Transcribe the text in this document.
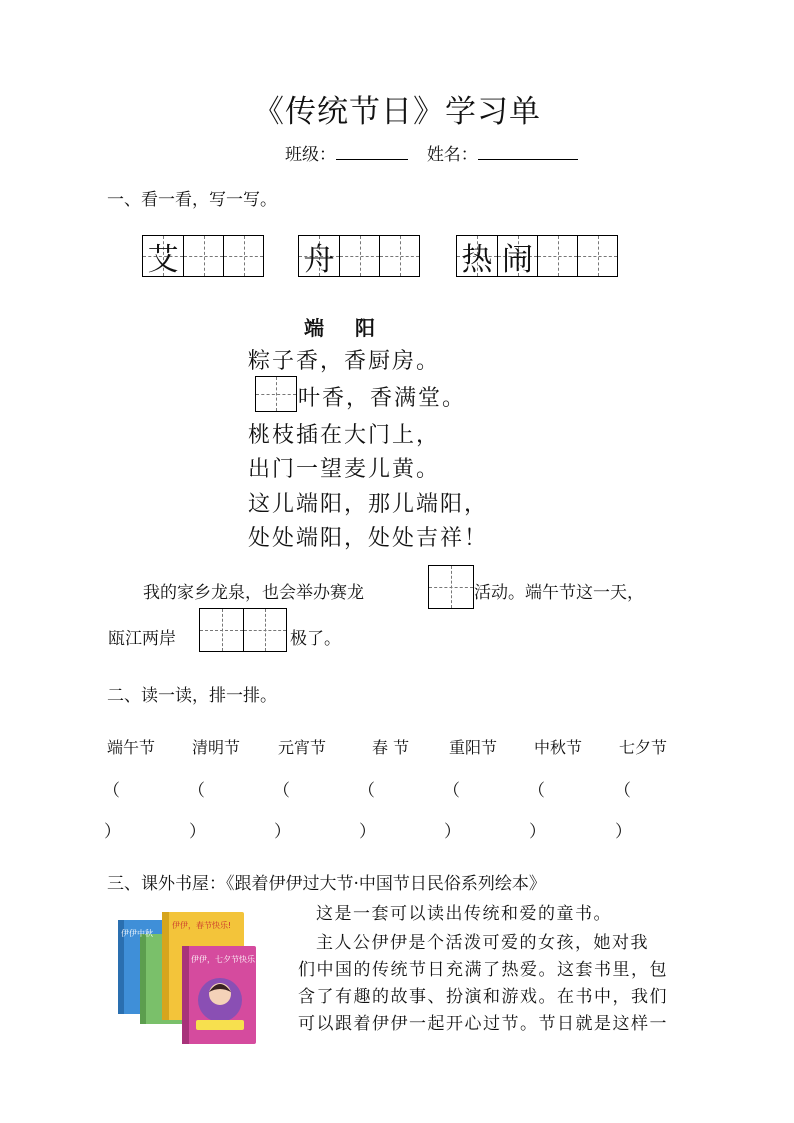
《传统节日》学习单
班级：	姓名：
一、看一看，写一写。
艾	舟	热 闹
端 阳
粽子香，香厨房。
叶香，香满堂。
桃枝插在大门上，
出门一望麦儿黄。
这儿端阳，那儿端阳，
处处端阳，处处吉祥！
我的家乡龙泉，也会举办赛龙	活动。端午节这一天，
瓯江两岸	极了。
二、读一读，排一排。
端午节 清明节 元宵节	春 节 重阳节 中秋节 七夕节
（	（	（	（	（	（	（
）	）	）	）	）	）	）
三、课外书屋：《跟着伊伊过大节·中国节日民俗系列绘本》
伊伊中秋
伊伊，春节快乐!
伊伊，七夕节快乐!
这是一套可以读出传统和爱的童书。
主人公伊伊是个活泼可爱的女孩，她对我
们中国的传统节日充满了热爱。这套书里，包
含了有趣的故事、扮演和游戏。在书中，我们
可以跟着伊伊一起开心过节。节日就是这样一
